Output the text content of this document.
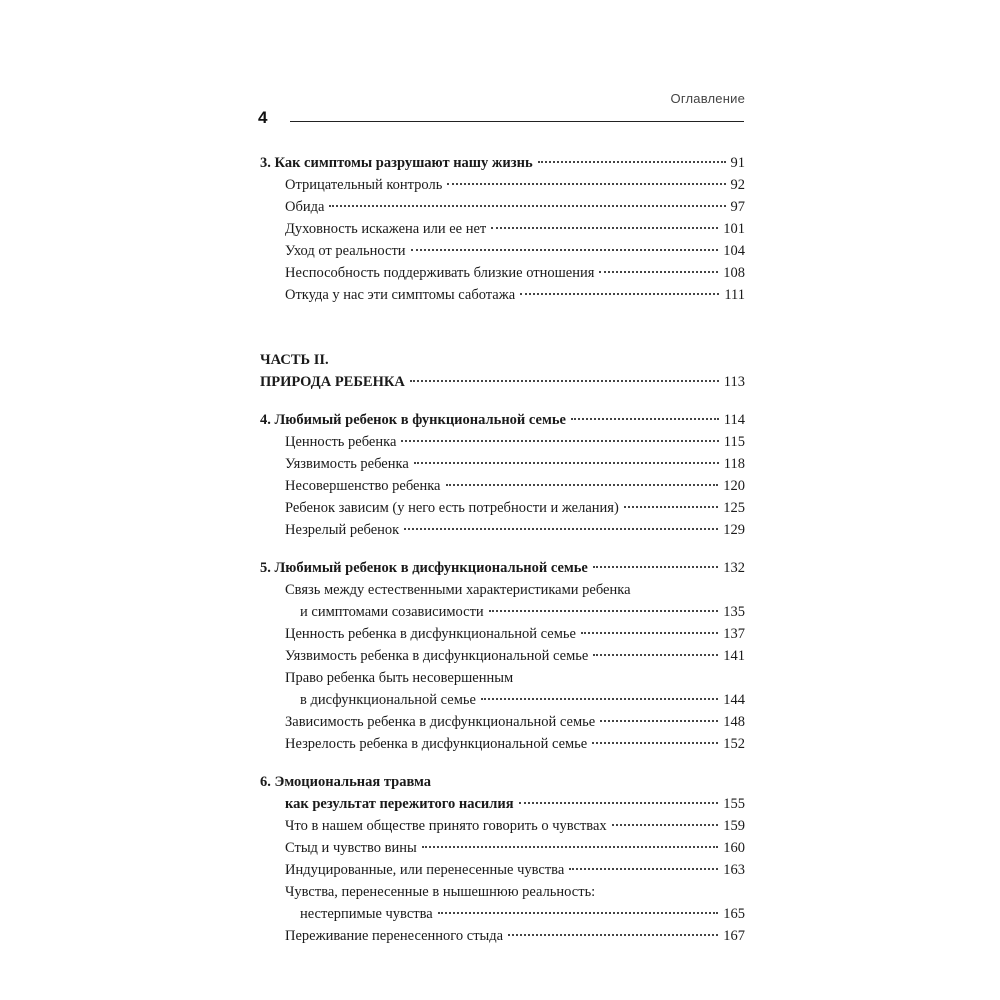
Оглавление
4
3. Как симптомы разрушают нашу жизнь	91
Отрицательный контроль	92
Обида	97
Духовность искажена или ее нет	101
Уход от реальности	104
Неспособность поддерживать близкие отношения	108
Откуда у нас эти симптомы саботажа	111
ЧАСТЬ II.
ПРИРОДА РЕБЕНКА	113
4. Любимый ребенок в функциональной семье	114
Ценность ребенка	115
Уязвимость ребенка	118
Несовершенство ребенка	120
Ребенок зависим (у него есть потребности и желания)	125
Незрелый ребенок	129
5. Любимый ребенок в дисфункциональной семье	132
Связь между естественными характеристиками ребенка
и симптомами созависимости	135
Ценность ребенка в дисфункциональной семье	137
Уязвимость ребенка в дисфункциональной семье	141
Право ребенка быть несовершенным
в дисфункциональной семье	144
Зависимость ребенка в дисфункциональной семье	148
Незрелость ребенка в дисфункциональной семье	152
6. Эмоциональная травма
как результат пережитого насилия	155
Что в нашем обществе принято говорить о чувствах	159
Стыд и чувство вины	160
Индуцированные, или перенесенные чувства	163
Чувства, перенесенные в нышешнюю реальность:
нестерпимые чувства	165
Переживание перенесенного стыда	167
